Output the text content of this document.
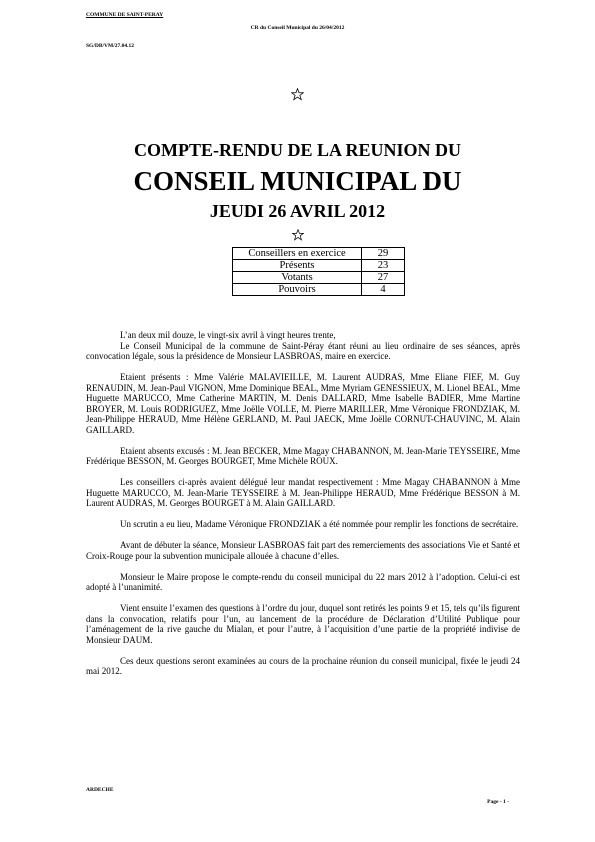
COMMUNE DE SAINT-PERAY
CR du Conseil Municipal du 26/04/2012
SG/DB/VM/27.04.12
COMPTE-RENDU DE LA REUNION DU
CONSEIL MUNICIPAL DU
JEUDI 26 AVRIL 2012
Conseillers en exercice	29
Présents	23
Votants	27
Pouvoirs	4

L’an deux mil douze, le vingt-six avril à vingt heures trente,

Le Conseil Municipal de la commune de Saint-Péray étant réuni au lieu ordinaire de ses séances, après convocation légale, sous la présidence de Monsieur LASBROAS, maire en exercice.

Etaient présents : Mme Valérie MALAVIEILLE, M. Laurent AUDRAS, Mme Eliane FIEF, M. Guy RENAUDIN, M. Jean-Paul VIGNON, Mme Dominique BEAL, Mme Myriam GENESSIEUX, M. Lionel BEAL, Mme Huguette MARUCCO, Mme Catherine MARTIN, M. Denis DALLARD, Mme Isabelle BADIER, Mme Martine BROYER, M. Louis RODRIGUEZ, Mme Joëlle VOLLE, M. Pierre MARILLER, Mme Véronique FRONDZIAK, M. Jean-Philippe HERAUD, Mme Hélène GERLAND, M. Paul JAECK, Mme Joëlle CORNUT-CHAUVINC, M. Alain GAILLARD.

Etaient absents excusés : M. Jean BECKER, Mme Magay CHABANNON, M. Jean-Marie TEYSSEIRE, Mme Frédérique BESSON, M. Georges BOURGET, Mme Michèle ROUX.

Les conseillers ci-après avaient délégué leur mandat respectivement : Mme Magay CHABANNON à Mme Huguette MARUCCO, M. Jean-Marie TEYSSEIRE à M. Jean-Philippe HERAUD, Mme Frédérique BESSON à M. Laurent AUDRAS, M. Georges BOURGET à M. Alain GAILLARD.

Un scrutin a eu lieu, Madame Véronique FRONDZIAK a été nommée pour remplir les fonctions de secrétaire.

Avant de débuter la séance, Monsieur LASBROAS fait part des remerciements des associations Vie et Santé et Croix-Rouge pour la subvention municipale allouée à chacune d’elles.

Monsieur le Maire propose le compte-rendu du conseil municipal du 22 mars 2012 à l’adoption. Celui-ci est adopté à l’unanimité.

Vient ensuite l’examen des questions à l’ordre du jour, duquel sont retirés les points 9 et 15, tels qu’ils figurent dans la convocation, relatifs pour l’un, au lancement de la procédure de Déclaration d’Utilité Publique pour l’aménagement de la rive gauche du Mialan, et pour l’autre, à l’acquisition d’une partie de la propriété indivise de Monsieur DAUM.

Ces deux questions seront examinées au cours de la prochaine réunion du conseil municipal, fixée le jeudi 24 mai 2012.

ARDECHE
Page - 1 -
